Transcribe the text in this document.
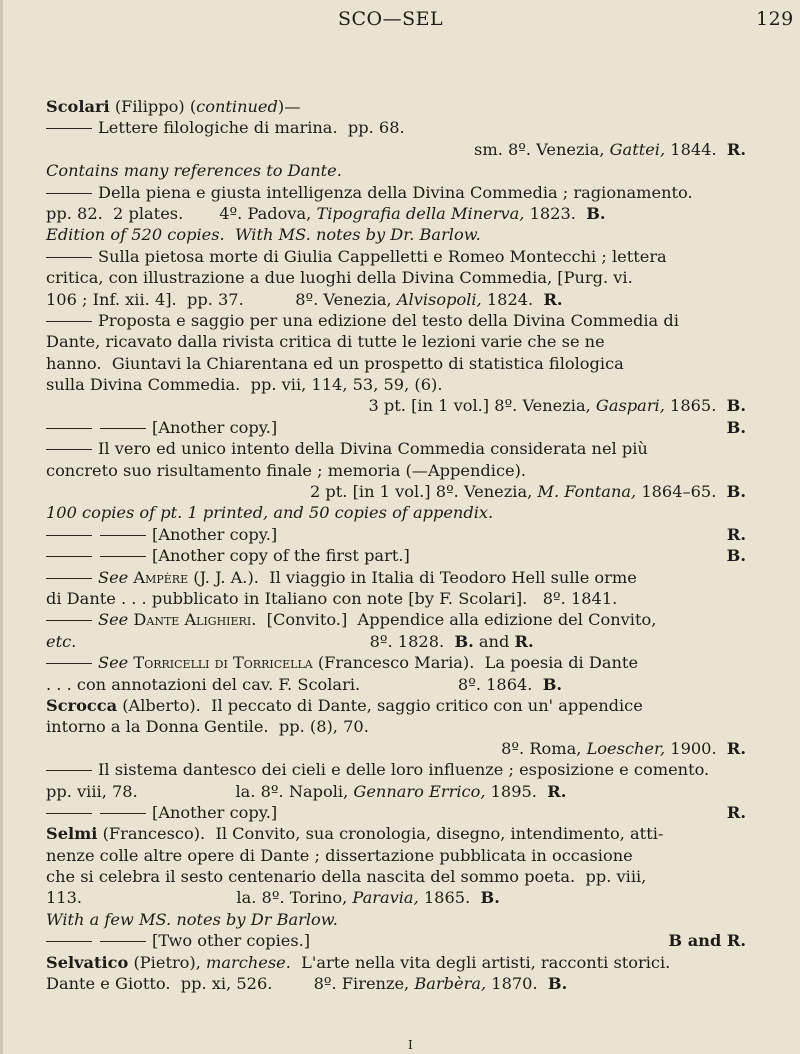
SCO—SEL	129
Scolari (Filippo) (continued)—
Lettere filologiche di marina.  pp. 68.
sm. 8º. Venezia, Gattei, 1844.  R.
Contains many references to Dante.
Della piena e giusta intelligenza della Divina Commedia ; ragionamento.
pp. 82.  2 plates.       4º. Padova, Tipografia della Minerva, 1823.  B.
Edition of 520 copies.  With MS. notes by Dr. Barlow.
Sulla pietosa morte di Giulia Cappelletti e Romeo Montecchi ; lettera
critica, con illustrazione a due luoghi della Divina Commedia, [Purg. vi.
106 ; Inf. xii. 4].  pp. 37.          8º. Venezia, Alvisopoli, 1824.  R.
Proposta e saggio per una edizione del testo della Divina Commedia di
Dante, ricavato dalla rivista critica di tutte le lezioni varie che se ne
hanno.  Giuntavi la Chiarentana ed un prospetto di statistica filologica
sulla Divina Commedia.  pp. vii, 114, 53, 59, (6).
3 pt. [in 1 vol.] 8º. Venezia, Gaspari, 1865.  B.
[Another copy.]	B.
Il vero ed unico intento della Divina Commedia considerata nel più
concreto suo risultamento finale ; memoria (—Appendice).
2 pt. [in 1 vol.] 8º. Venezia, M. Fontana, 1864–65.  B.
100 copies of pt. 1 printed, and 50 copies of appendix.
[Another copy.]	R.
[Another copy of the first part.]	B.
See Ampère (J. J. A.).  Il viaggio in Italia di Teodoro Hell sulle orme
di Dante . . . pubblicato in Italiano con note [by F. Scolari].   8º. 1841.
See Dante Alighieri.  [Convito.]  Appendice alla edizione del Convito,
etc.                                                         8º. 1828.  B. and R.
See Torricelli di Torricella (Francesco Maria).  La poesia di Dante
. . . con annotazioni del cav. F. Scolari.                   8º. 1864.  B.
Scrocca (Alberto).  Il peccato di Dante, saggio critico con un' appendice
intorno a la Donna Gentile.  pp. (8), 70.
8º. Roma, Loescher, 1900.  R.
Il sistema dantesco dei cieli e delle loro influenze ; esposizione e comento.
pp. viii, 78.                   la. 8º. Napoli, Gennaro Errico, 1895.  R.
[Another copy.]	R.
Selmi (Francesco).  Il Convito, sua cronologia, disegno, intendimento, atti-
nenze colle altre opere di Dante ; dissertazione pubblicata in occasione
che si celebra il sesto centenario della nascita del sommo poeta.  pp. viii,
113.                              la. 8º. Torino, Paravia, 1865.  B.
With a few MS. notes by Dr Barlow.
[Two other copies.]	B and R.
Selvatico (Pietro), marchese.  L'arte nella vita degli artisti, racconti storici.
Dante e Giotto.  pp. xi, 526.        8º. Firenze, Barbèra, 1870.  B.
I
